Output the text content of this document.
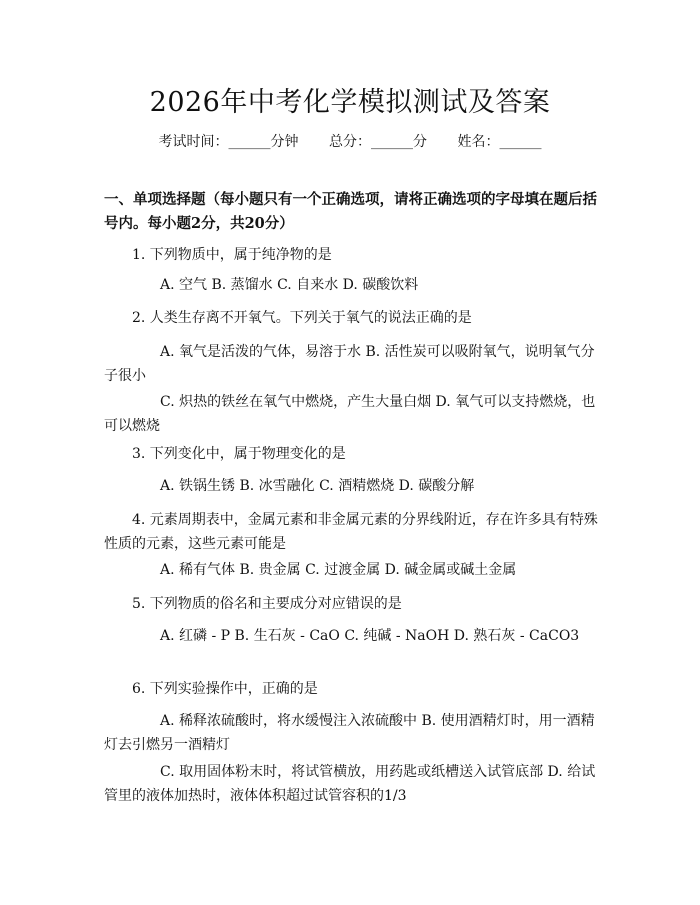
2026年中考化学模拟测试及答案
考试时间：______分钟 总分：______分 姓名：______
一、单项选择题（每小题只有一个正确选项，请将正确选项的字母填在题后括号内。每小题2分，共20分）
1. 下列物质中，属于纯净物的是
A. 空气 B. 蒸馏水 C. 自来水 D. 碳酸饮料
2. 人类生存离不开氧气。下列关于氧气的说法正确的是
A. 氧气是活泼的气体，易溶于水 B. 活性炭可以吸附氧气，说明氧气分子很小
C. 炽热的铁丝在氧气中燃烧，产生大量白烟 D. 氧气可以支持燃烧，也可以燃烧
3. 下列变化中，属于物理变化的是
A. 铁锅生锈 B. 冰雪融化 C. 酒精燃烧 D. 碳酸分解
4. 元素周期表中，金属元素和非金属元素的分界线附近，存在许多具有特殊性质的元素，这些元素可能是
A. 稀有气体 B. 贵金属 C. 过渡金属 D. 碱金属或碱土金属
5. 下列物质的俗名和主要成分对应错误的是
A. 红磷 - P B. 生石灰 - CaO C. 纯碱 - NaOH D. 熟石灰 - CaCO3
6. 下列实验操作中，正确的是
A. 稀释浓硫酸时，将水缓慢注入浓硫酸中 B. 使用酒精灯时，用一酒精灯去引燃另一酒精灯
C. 取用固体粉末时，将试管横放，用药匙或纸槽送入试管底部 D. 给试管里的液体加热时，液体体积超过试管容积的1/3
